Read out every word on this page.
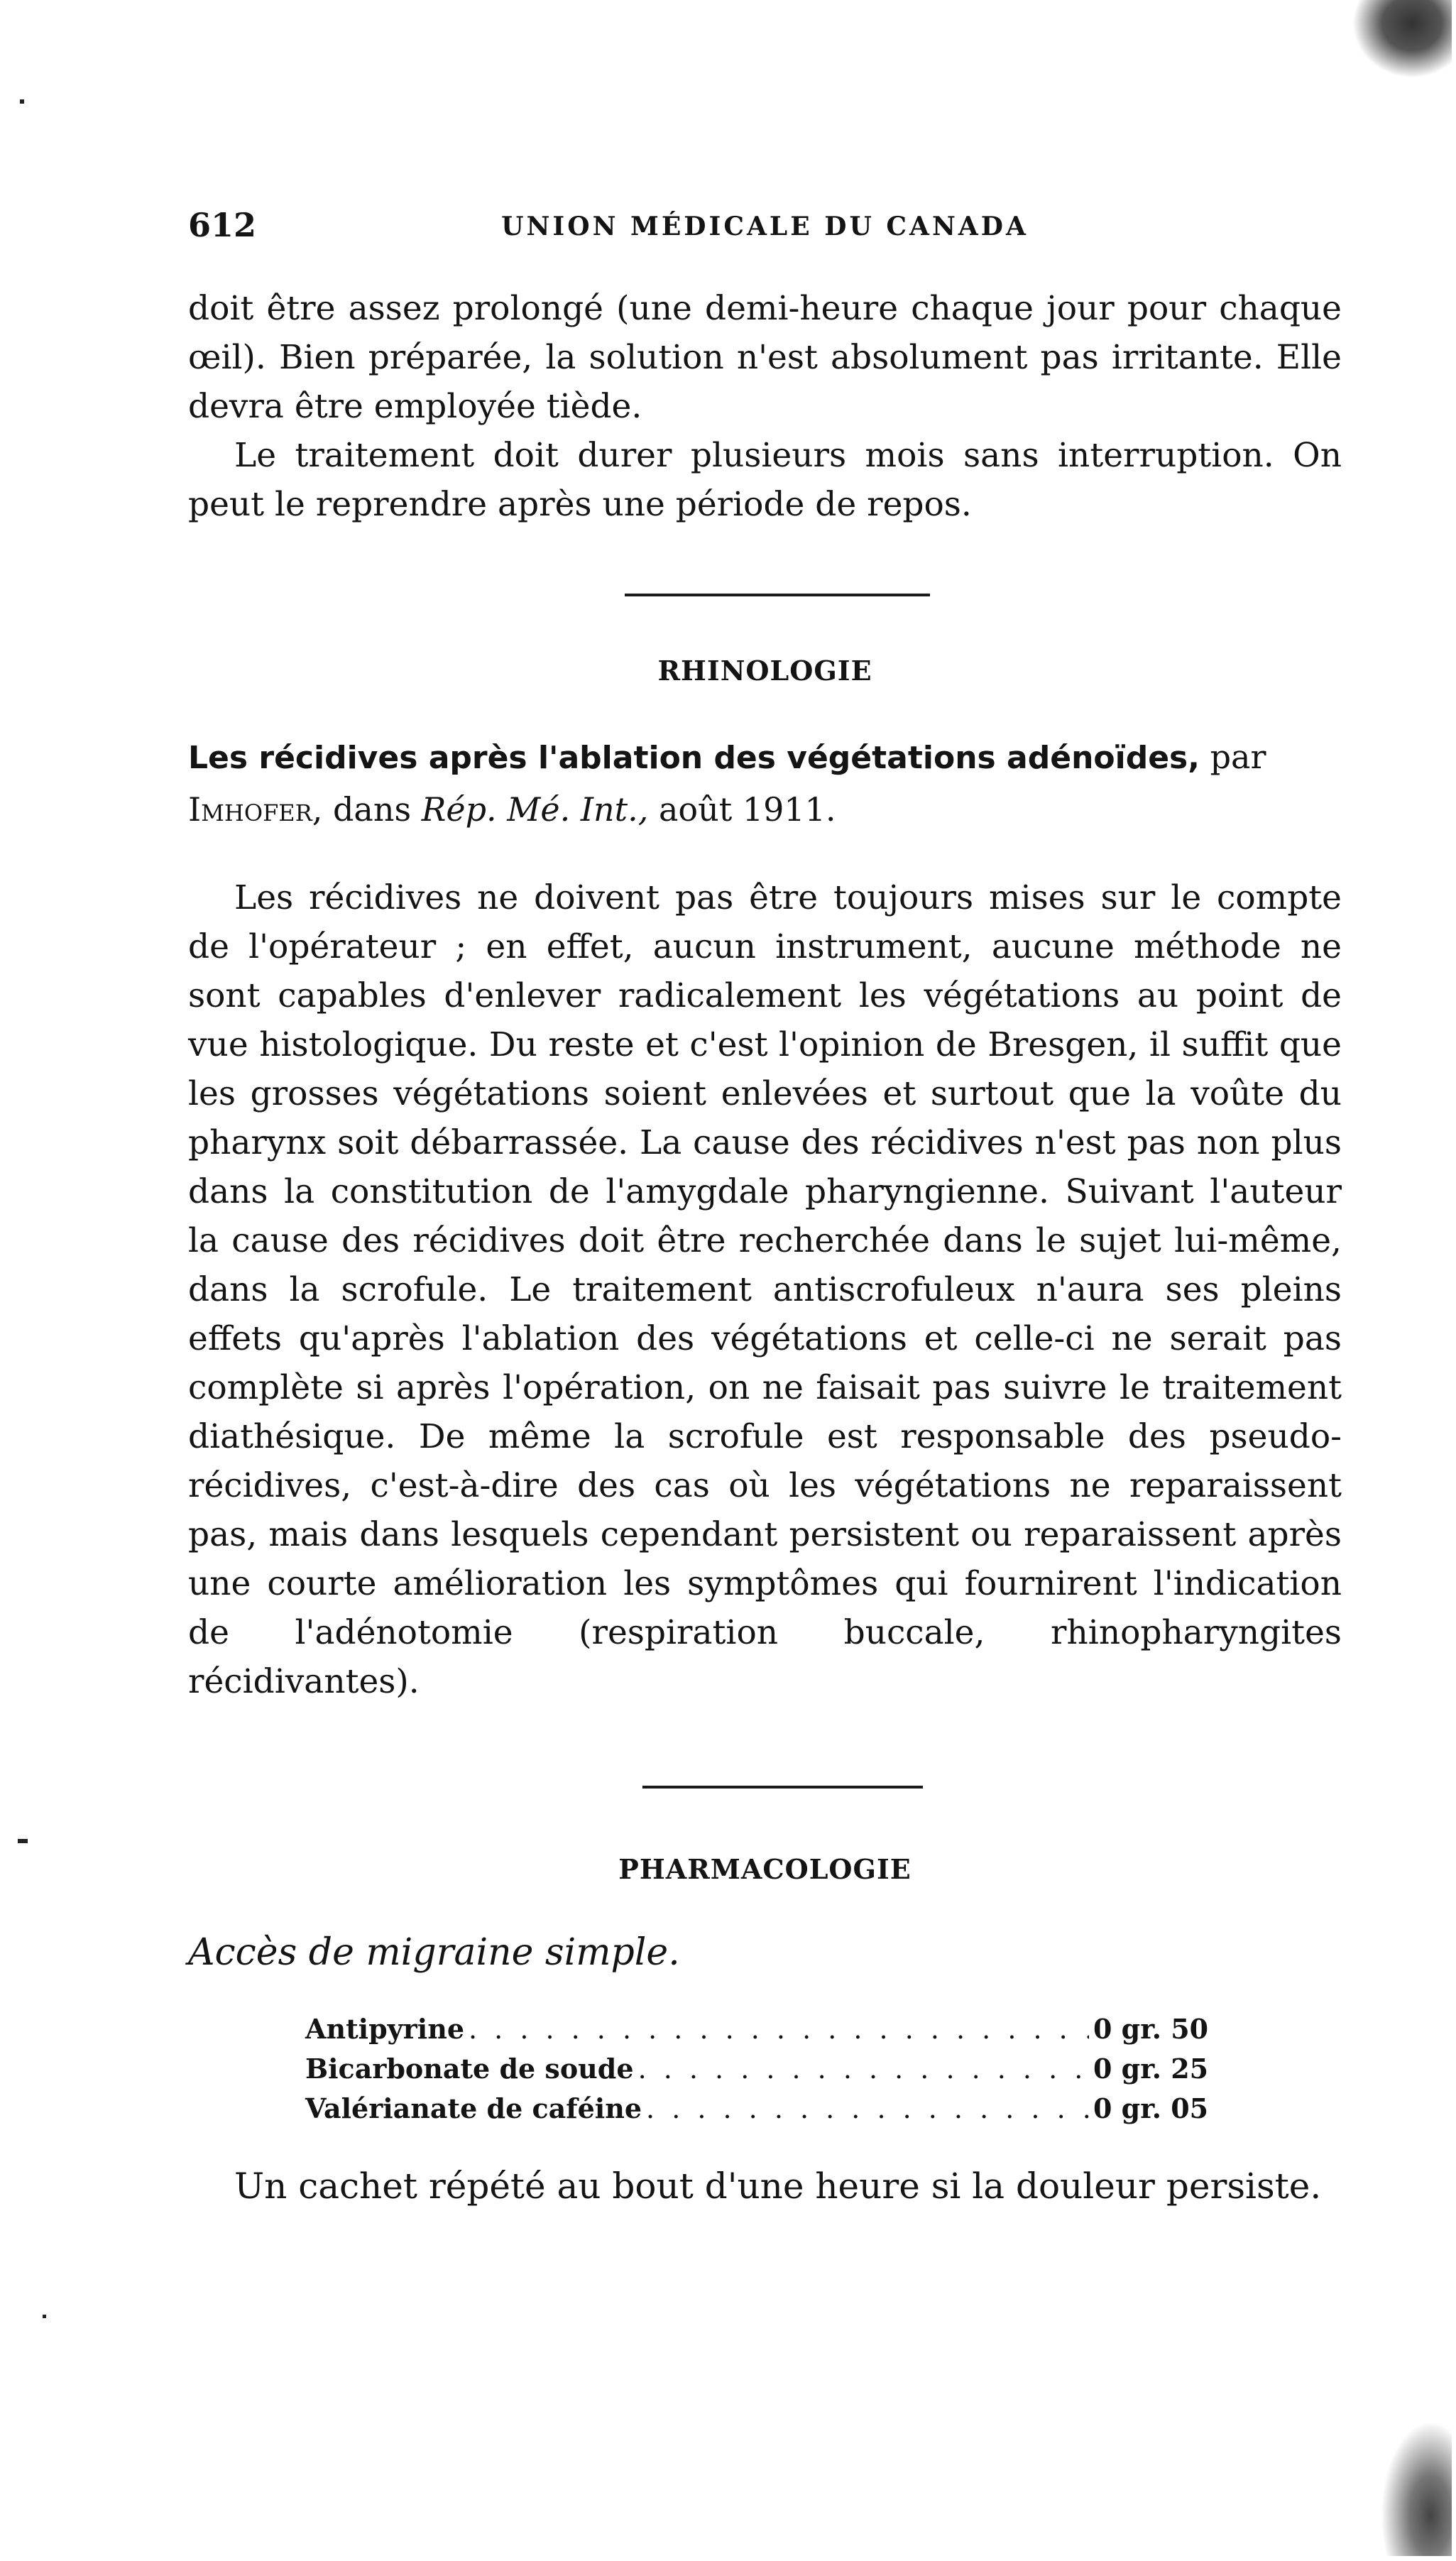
612	UNION MÉDICALE DU CANADA

doit être assez prolongé (une demi-heure chaque jour pour chaque œil). Bien préparée, la solution n'est absolument pas irritante. Elle devra être employée tiède.

Le traitement doit durer plusieurs mois sans interruption. On peut le reprendre après une période de repos.

RHINOLOGIE
Les récidives après l'ablation des végétations adénoïdes, par Imhofer, dans Rép. Mé. Int., août 1911.

Les récidives ne doivent pas être toujours mises sur le compte de l'opérateur ; en effet, aucun instrument, aucune méthode ne sont capables d'enlever radicalement les végétations au point de vue histologique. Du reste et c'est l'opinion de Bresgen, il suffit que les grosses végétations soient enlevées et surtout que la voûte du pharynx soit débarrassée. La cause des récidives n'est pas non plus dans la constitution de l'amygdale pharyngienne. Suivant l'auteur la cause des récidives doit être recherchée dans le sujet lui-même, dans la scrofule. Le traitement antiscrofuleux n'aura ses pleins effets qu'après l'ablation des végétations et celle-ci ne serait pas complète si après l'opération, on ne faisait pas suivre le traitement diathésique. De même la scrofule est responsable des pseudo-récidives, c'est-à-dire des cas où les végétations ne reparaissent pas, mais dans lesquels cependant persistent ou reparaissent après une courte amélioration les symptômes qui fournirent l'indication de l'adénotomie (respiration buccale, rhinopharyngites récidivantes).

PHARMACOLOGIE
Accès de migraine simple.
Antipyrine . . .	0 gr. 50
Bicarbonate de soude . . .	0 gr. 25
Valérianate de caféine . . .	0 gr. 05
Un cachet répété au bout d'une heure si la douleur persiste.
